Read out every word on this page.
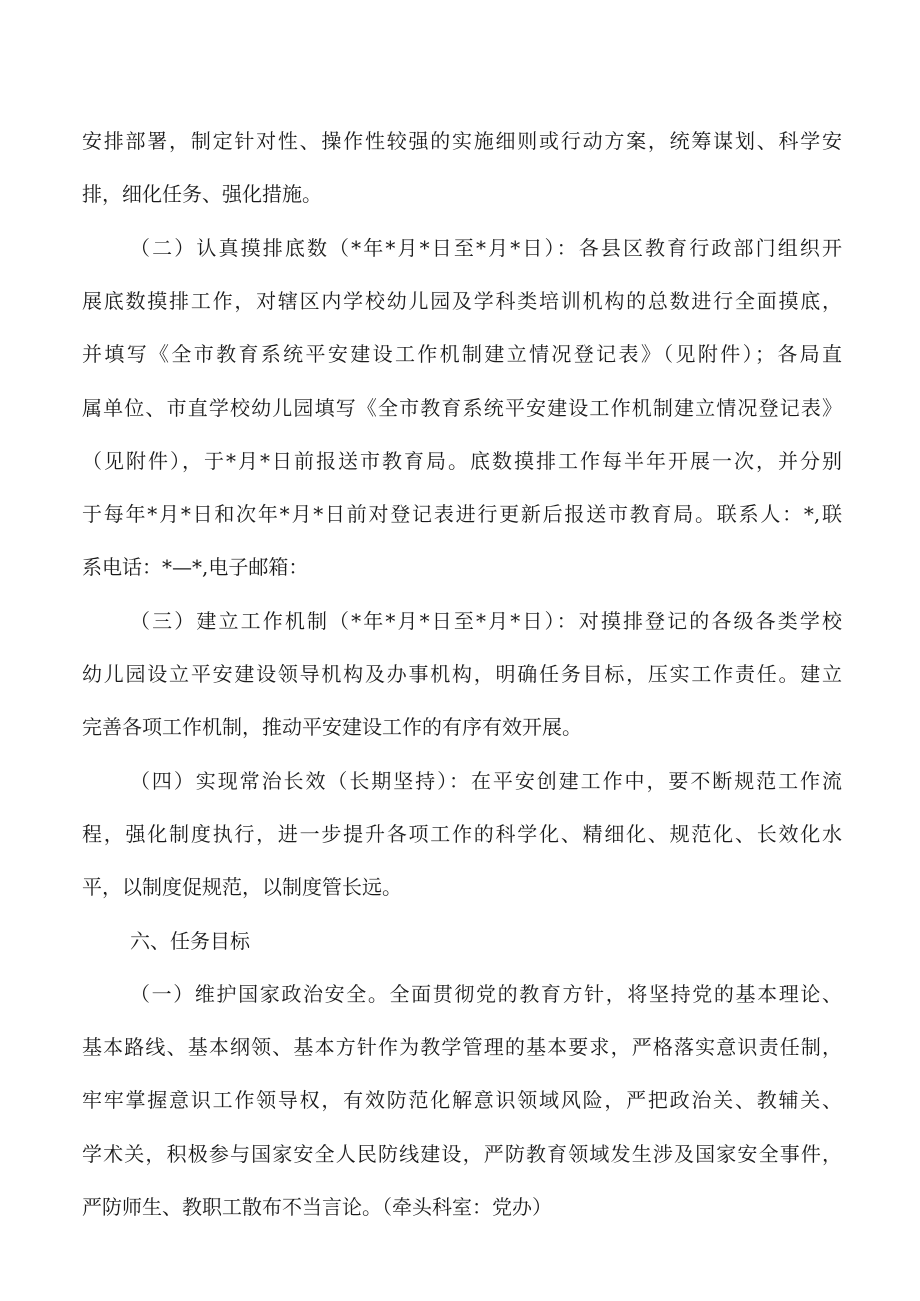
安排部署，制定针对性、操作性较强的实施细则或行动方案，统筹谋划、科学安
排，细化任务、强化措施。
（二）认真摸排底数（*年*月*日至*月*日）：各县区教育行政部门组织开
展底数摸排工作，对辖区内学校幼儿园及学科类培训机构的总数进行全面摸底，
并填写《全市教育系统平安建设工作机制建立情况登记表》（见附件）；各局直
属单位、市直学校幼儿园填写《全市教育系统平安建设工作机制建立情况登记表》
（见附件），于*月*日前报送市教育局。底数摸排工作每半年开展一次，并分别
于每年*月*日和次年*月*日前对登记表进行更新后报送市教育局。联系人：*,联
系电话：*—*,电子邮箱：
（三）建立工作机制（*年*月*日至*月*日）：对摸排登记的各级各类学校
幼儿园设立平安建设领导机构及办事机构，明确任务目标，压实工作责任。建立
完善各项工作机制，推动平安建设工作的有序有效开展。
（四）实现常治长效（长期坚持）：在平安创建工作中，要不断规范工作流
程，强化制度执行，进一步提升各项工作的科学化、精细化、规范化、长效化水
平，以制度促规范，以制度管长远。
六、任务目标
（一）维护国家政治安全。全面贯彻党的教育方针，将坚持党的基本理论、
基本路线、基本纲领、基本方针作为教学管理的基本要求，严格落实意识责任制，
牢牢掌握意识工作领导权，有效防范化解意识领域风险，严把政治关、教辅关、
学术关，积极参与国家安全人民防线建设，严防教育领域发生涉及国家安全事件，
严防师生、教职工散布不当言论。（牵头科室：党办）
